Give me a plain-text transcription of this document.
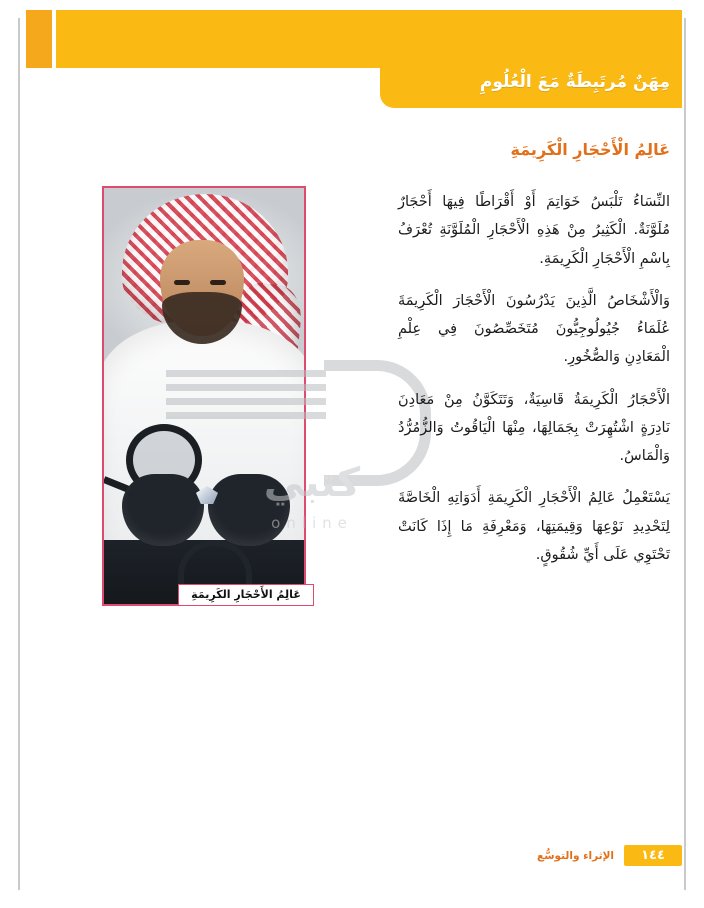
مِهَنٌ مُرتَبِطَةٌ مَعَ الْعُلُومِ
عَالِمُ الْأَحْجَارِ الْكَرِيمَةِ
عَالِمُ الأَحْجَارِ الكَرِيمَةِ
كتبي
online

النِّسَاءُ تَلْبَسُ خَوَاتِمَ أَوْ أَقْرَاطًا فِيهَا أَحْجَارٌ مُلَوَّنَةٌ. الْكَثِيرُ مِنْ هَذِهِ الْأَحْجَارِ الْمُلَوَّنَةِ تُعْرَفُ بِاسْمِ الْأَحْجَارِ الْكَرِيمَةِ.

وَالْأَشْخَاصُ الَّذِينَ يَدْرُسُونَ الْأَحْجَارَ الْكَرِيمَةَ عُلَمَاءُ جُيُولُوجِيُّونَ مُتَخَصِّصُونَ فِي عِلْمِ الْمَعَادِنِ وَالصُّخُورِ.

الْأَحْجَارُ الْكَرِيمَةُ قَاسِيَةٌ، وَتَتَكَوَّنُ مِنْ مَعَادِنَ نَادِرَةٍ اشْتُهِرَتْ بِجَمَالِهَا، مِنْهَا الْيَاقُوتُ وَالزُّمُرُّدُ وَالْمَاسُ.

يَسْتَعْمِلُ عَالِمُ الْأَحْجَارِ الْكَرِيمَةِ أَدَوَاتِهِ الْخَاصَّةَ لِتَحْدِيدِ نَوْعِهَا وَقِيمَتِهَا، وَمَعْرِفَةِ مَا إِذَا كَانَتْ تَحْتَوِي عَلَى أَيِّ شُقُوقٍ.

١٤٤
الإثراء والتوسُّع
